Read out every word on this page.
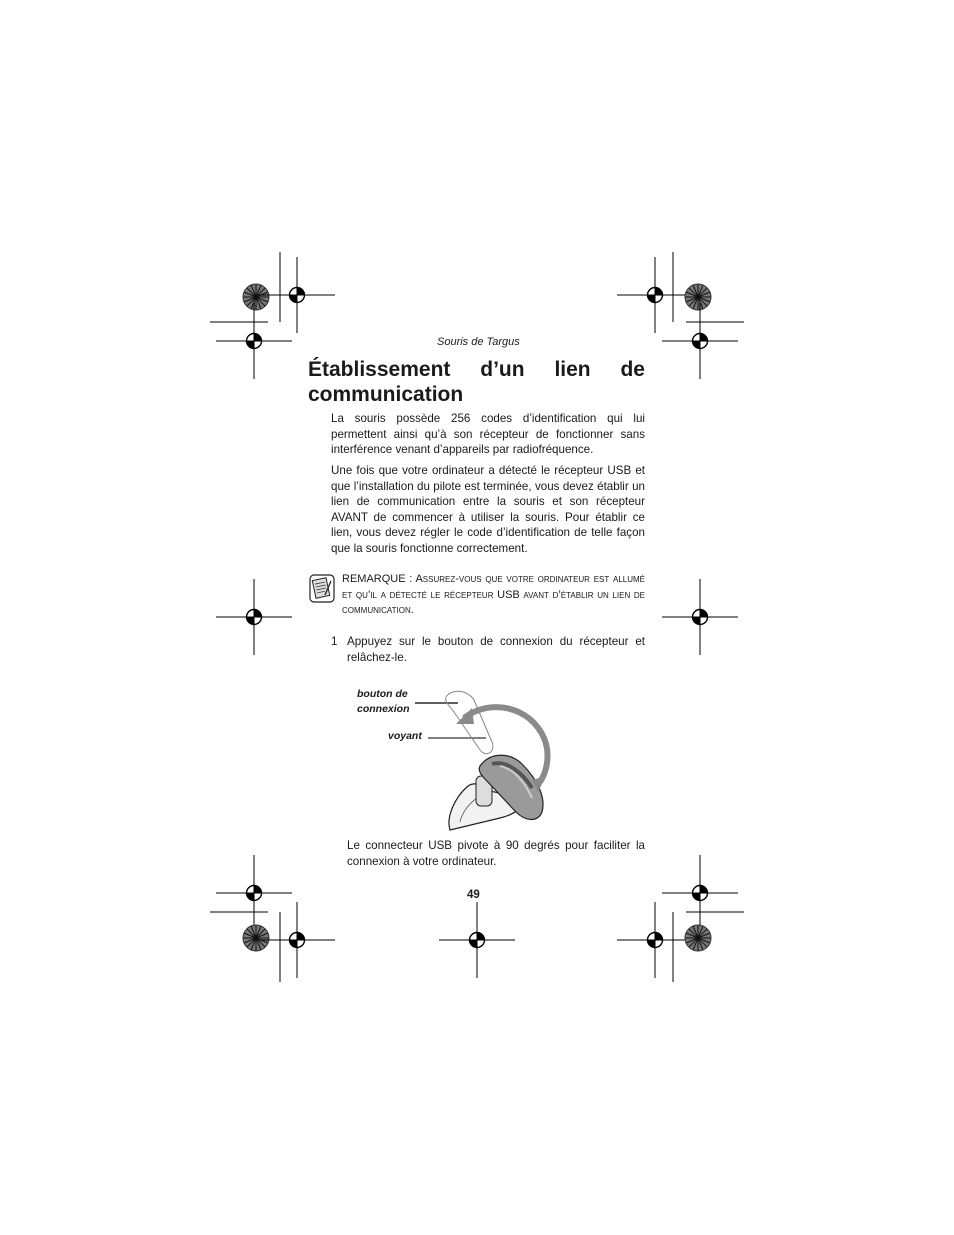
Souris de Targus
Établissement d’un lien de
communication

La souris possède 256 codes d’identification qui lui permettent ainsi qu’à son récepteur de fonctionner sans interférence venant d’appareils par radiofréquence.

Une fois que votre ordinateur a détecté le récepteur USB et que l’installation du pilote est terminée, vous devez établir un lien de communication entre la souris et son récepteur AVANT de commencer à utiliser la souris. Pour établir ce lien, vous devez régler le code d’identification de telle façon que la souris fonctionne correctement.

REMARQUE : Assurez-vous que votre ordinateur est allumé et qu’il a détecté le récepteur USB avant d’établir un lien de communication.

1 Appuyez sur le bouton de connexion du récepteur et relâchez-le.
bouton de connexion
voyant

Le connecteur USB pivote à 90 degrés pour faciliter la connexion à votre ordinateur.

49
